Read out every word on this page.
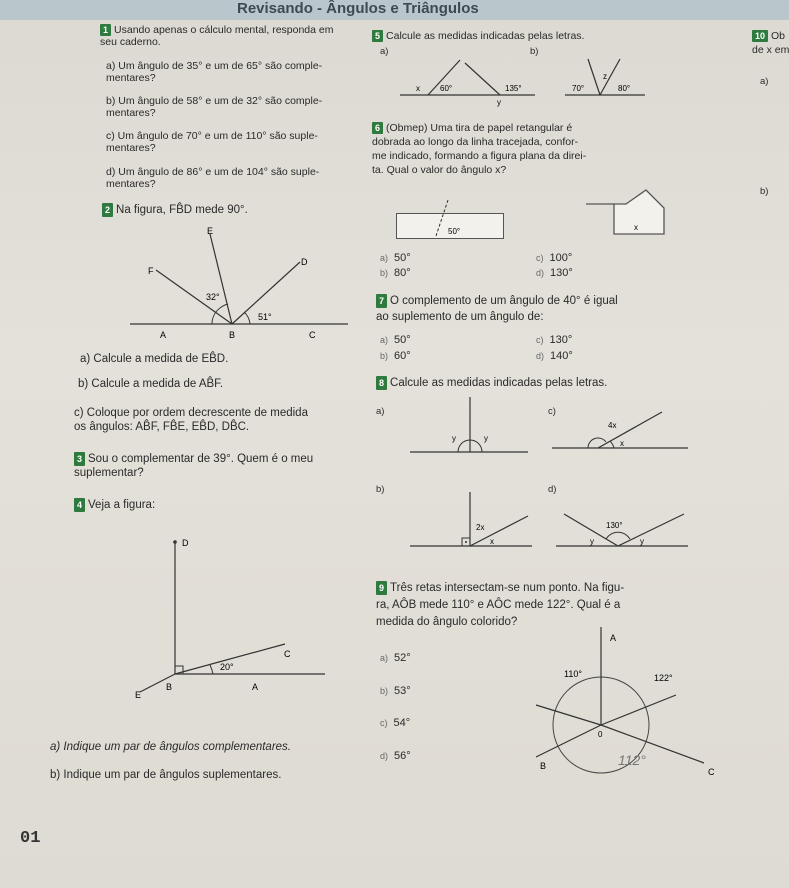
Revisando - Ângulos e Triângulos
1 Usando apenas o cálculo mental, responda em
seu caderno.
a) Um ângulo de 35° e um de 65° são comple-
mentares?
b) Um ângulo de 58° e um de 32° são comple-
mentares?
c) Um ângulo de 70° e um de 110° são suple-
mentares?
d) Um ângulo de 86° e um de 104° são suple-
mentares?
2 Na figura, FB̂D mede 90°.
E
F
D
A	B	C
32°
51°
a) Calcule a medida de EB̂D.
b) Calcule a medida de AB̂F.
c) Coloque por ordem decrescente de medida
os ângulos: AB̂F, FB̂E, EB̂D, DB̂C.
3 Sou o complementar de 39°. Quem é o meu
suplementar?
4 Veja a figura:
D
C
B	A
E
20°
a) Indique um par de ângulos complementares.
b) Indique um par de ângulos suplementares.
5 Calcule as medidas indicadas pelas letras.
a)	b)
x	60°	135°
y
70°
z
80°
6 (Obmep) Uma tira de papel retangular é
dobrada ao longo da linha tracejada, confor-
me indicado, formando a figura plana da direi-
ta. Qual o valor do ângulo x?
50°	x
a) 50°
b) 80°
c) 100°
d) 130°
7 O complemento de um ângulo de 40° é igual
ao suplemento de um ângulo de:
a) 50°
b) 60°
c) 130°
d) 140°
8 Calcule as medidas indicadas pelas letras.
a)	c)
b)	d)
y	y
4x
x
2x
x
130°
y	y
9 Três retas intersectam-se num ponto. Na figu-
ra, AÔB mede 110° e AÔC mede 122°. Qual é a
medida do ângulo colorido?
a) 52°
b) 53°
c) 54°
d) 56°
A
110°	122°
0
B
C
112°
10 Ob
de x em
a)
b)
01
